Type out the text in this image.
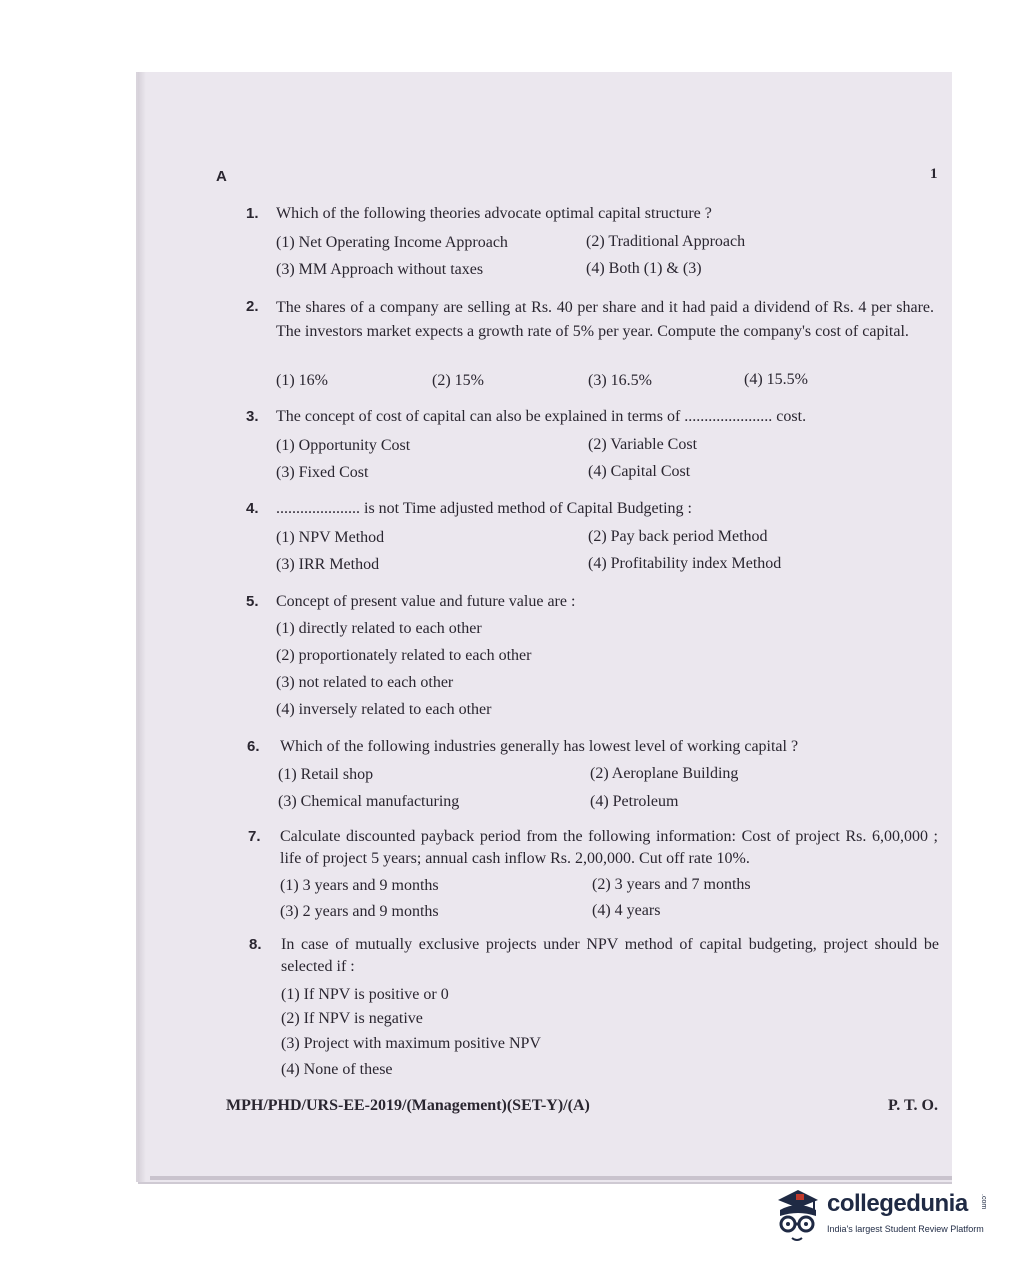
A	1
1. Which of the following theories advocate optimal capital structure ?
(1) Net Operating Income Approach	(2) Traditional Approach
(3) MM Approach without taxes	(4) Both (1) & (3)
2. The shares of a company are selling at Rs. 40 per share and it had paid a dividend of Rs. 4 per share. The investors market expects a growth rate of 5% per year. Compute the company's cost of capital.
(1) 16%	(2) 15%	(3) 16.5%	(4) 15.5%
3. The concept of cost of capital can also be explained in terms of ...................... cost.
(1) Opportunity Cost	(2) Variable Cost
(3) Fixed Cost	(4) Capital Cost
4. ..................... is not Time adjusted method of Capital Budgeting :
(1) NPV Method	(2) Pay back period Method
(3) IRR Method	(4) Profitability index Method
5. Concept of present value and future value are :
(1) directly related to each other
(2) proportionately related to each other
(3) not related to each other
(4) inversely related to each other
6. Which of the following industries generally has lowest level of working capital ?
(1) Retail shop	(2) Aeroplane Building
(3) Chemical manufacturing	(4) Petroleum
7. Calculate discounted payback period from the following information: Cost of project Rs. 6,00,000 ; life of project 5 years; annual cash inflow Rs. 2,00,000. Cut off rate 10%.
(1) 3 years and 9 months	(2) 3 years and 7 months
(3) 2 years and 9 months	(4) 4 years
8. In case of mutually exclusive projects under NPV method of capital budgeting, project should be selected if :
(1) If NPV is positive or 0
(2) If NPV is negative
(3) Project with maximum positive NPV
(4) None of these
MPH/PHD/URS-EE-2019/(Management)(SET-Y)/(A)	P. T. O.
collegedunia .com
India's largest Student Review Platform
